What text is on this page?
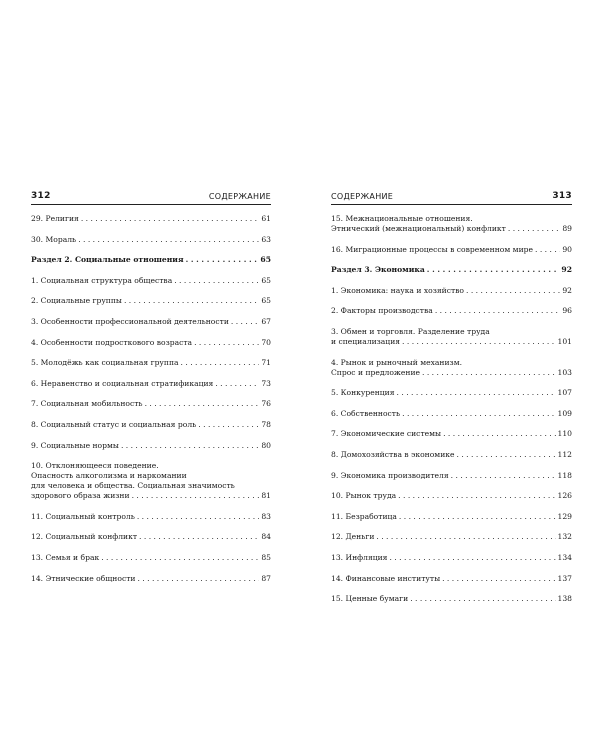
312	СОДЕРЖАНИЕ
29. Религия . . .	61
30. Мораль . . .	63
Раздел 2. Социальные отношения . . .	65
1. Социальная структура общества . . .	65
2. Социальные группы . . .	65
3. Особенности профессиональной деятельности . . .	67
4. Особенности подросткового возраста . . .	70
5. Молодёжь как социальная группа . . .	71
6. Неравенство и социальная стратификация . . .	73
7. Социальная мобильность . . .	76
8. Социальный статус и социальная роль . . .	78
9. Социальные нормы . . .	80
10. Отклоняющееся поведение.
Опасность алкоголизма и наркомании
для человека и общества. Социальная значимость
здорового образа жизни . . .	81
11. Социальный контроль . . .	83
12. Социальный конфликт . . .	84
13. Семья и брак . . .	85
14. Этнические общности . . .	87
СОДЕРЖАНИЕ	313
15. Межнациональные отношения.
Этнический (межнациональный) конфликт . . .	89
16. Миграционные процессы в современном мире . . .	90
Раздел 3. Экономика . . .	92
1. Экономика: наука и хозяйство . . .	92
2. Факторы производства . . .	96
3. Обмен и торговля. Разделение труда
и специализация . . .	101
4. Рынок и рыночный механизм.
Спрос и предложение . . .	103
5. Конкуренция . . .	107
6. Собственность . . .	109
7. Экономические системы . . .	110
8. Домохозяйства в экономике . . .	112
9. Экономика производителя . . .	118
10. Рынок труда . . .	126
11. Безработица . . .	129
12. Деньги . . .	132
13. Инфляция . . .	134
14. Финансовые институты . . .	137
15. Ценные бумаги . . .	138
